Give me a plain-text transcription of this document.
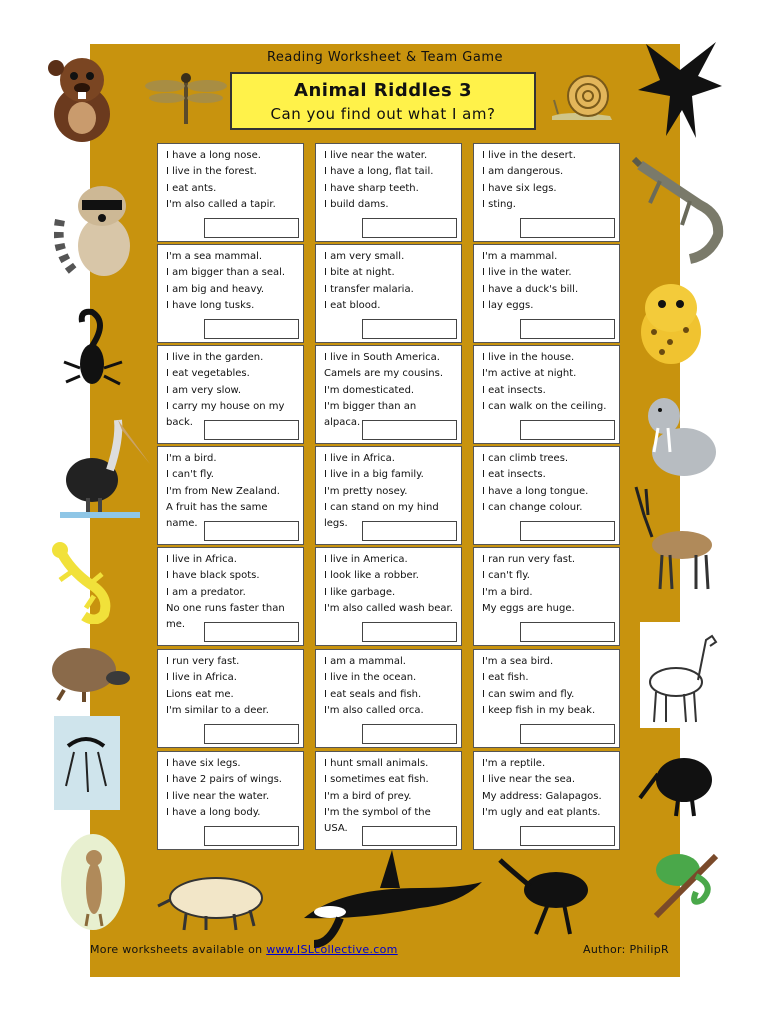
Reading Worksheet & Team Game
Animal Riddles 3
Can you find out what I am?
I have a long nose.
I live in the forest.
I eat ants.
I'm also called a tapir.
I live near the water.
I have a long, flat tail.
I have sharp teeth.
I build dams.
I live in the desert.
I am dangerous.
I have six legs.
I sting.
I'm a sea mammal.
I am bigger than a seal.
I am big and heavy.
I have long tusks.
I am very small.
I bite at night.
I transfer malaria.
I eat blood.
I'm a mammal.
I live in the water.
I have a duck's bill.
I lay eggs.
I live in the garden.
I eat vegetables.
I am very slow.
I carry my house on my back.
I live in South America.
Camels are my cousins.
I'm domesticated.
I'm bigger than an alpaca.
I live in the house.
I'm active at night.
I eat insects.
I can walk on the ceiling.
I'm a bird.
I can't fly.
I'm from New Zealand.
A fruit has the same name.
I live in Africa.
I live in a big family.
I'm pretty nosey.
I can stand on my hind legs.
I can climb trees.
I eat insects.
I have a long tongue.
I can change colour.
I live in Africa.
I have black spots.
I am a predator.
No one runs faster than me.
I live in America.
I look like a robber.
I like garbage.
I'm also called wash bear.
I ran run very fast.
I can't fly.
I'm a bird.
My eggs are huge.
I run very fast.
I live in Africa.
Lions eat me.
I'm similar to a deer.
I am a mammal.
I live in the ocean.
I eat seals and fish.
I'm also called orca.
I'm a sea bird.
I eat fish.
I can swim and fly.
I keep fish in my beak.
I have six legs.
I have 2 pairs of wings.
I live near the water.
I have a long body.
I hunt small animals.
I sometimes eat fish.
I'm a bird of prey.
I'm the symbol of the USA.
I'm a reptile.
I live near the sea.
My address: Galapagos.
I'm ugly and eat plants.
More worksheets available on www.ISLcollective.com	Author: PhilipR
